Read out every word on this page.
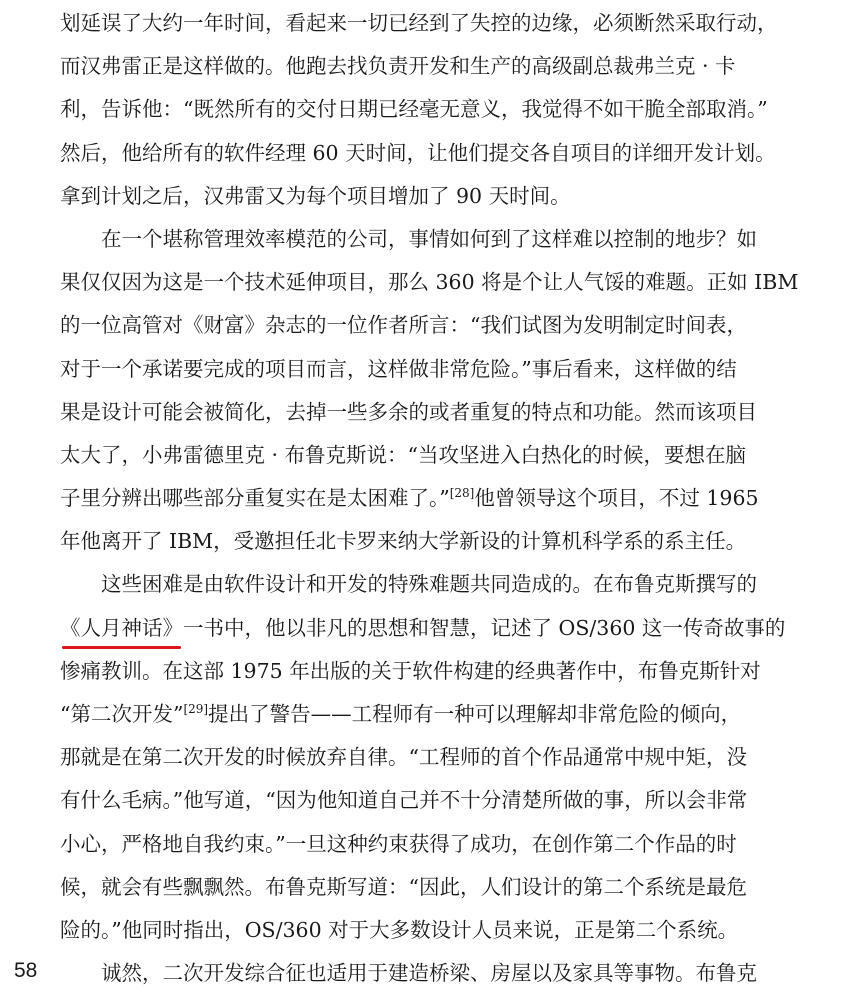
划延误了大约一年时间，看起来一切已经到了失控的边缘，必须断然采取行动，
而汉弗雷正是这样做的。他跑去找负责开发和生产的高级副总裁弗兰克 · 卡
利，告诉他：“既然所有的交付日期已经毫无意义，我觉得不如干脆全部取消。”
然后，他给所有的软件经理 60 天时间，让他们提交各自项目的详细开发计划。
拿到计划之后，汉弗雷又为每个项目增加了 90 天时间。
在一个堪称管理效率模范的公司，事情如何到了这样难以控制的地步？如
果仅仅因为这是一个技术延伸项目，那么 360 将是个让人气馁的难题。正如 IBM
的一位高管对《财富》杂志的一位作者所言：“我们试图为发明制定时间表，
对于一个承诺要完成的项目而言，这样做非常危险。”事后看来，这样做的结
果是设计可能会被简化，去掉一些多余的或者重复的特点和功能。然而该项目
太大了，小弗雷德里克 · 布鲁克斯说：“当攻坚进入白热化的时候，要想在脑
子里分辨出哪些部分重复实在是太困难了。”[28]他曾领导这个项目，不过 1965
年他离开了 IBM，受邀担任北卡罗来纳大学新设的计算机科学系的系主任。
这些困难是由软件设计和开发的特殊难题共同造成的。在布鲁克斯撰写的
《人月神话》一书中，他以非凡的思想和智慧，记述了 OS/360 这一传奇故事的
惨痛教训。在这部 1975 年出版的关于软件构建的经典著作中，布鲁克斯针对
“第二次开发”[29]提出了警告——工程师有一种可以理解却非常危险的倾向，
那就是在第二次开发的时候放弃自律。“工程师的首个作品通常中规中矩，没
有什么毛病。”他写道，“因为他知道自己并不十分清楚所做的事，所以会非常
小心，严格地自我约束。”一旦这种约束获得了成功，在创作第二个作品的时
候，就会有些飘飘然。布鲁克斯写道：“因此，人们设计的第二个系统是最危
险的。”他同时指出，OS/360 对于大多数设计人员来说，正是第二个系统。
诚然，二次开发综合征也适用于建造桥梁、房屋以及家具等事物。布鲁克
58
